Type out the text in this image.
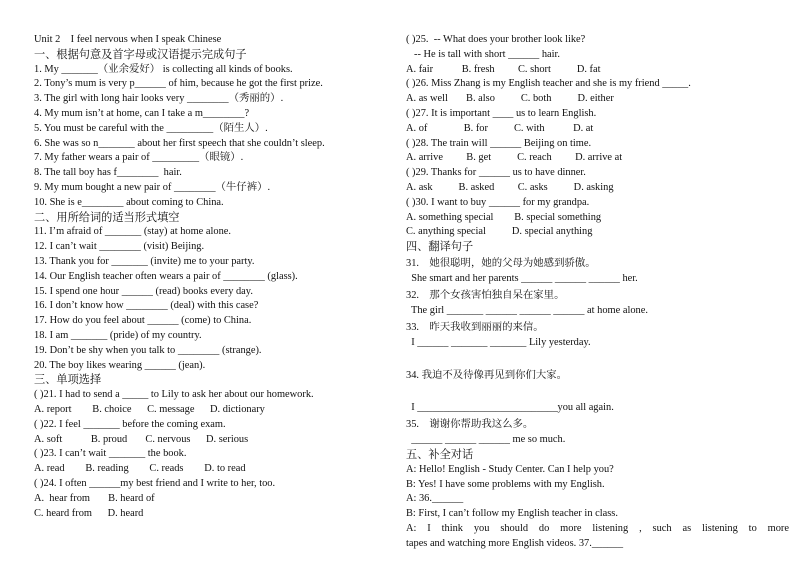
Unit 2    I feel nervous when I speak Chinese
一、根据句意及首字母或汉语提示完成句子
1. My _______（业余爱好） is collecting all kinds of books.
2. Tony’s mum is very p______ of him, because he got the first prize.
3. The girl with long hair looks very ________（秀丽的）.
4. My mum isn’t at home, can I take a m________?
5. You must be careful with the _________（陌生人）.
6. She was so n_______ about her first speech that she couldn’t sleep.
7. My father wears a pair of _________（眼镜）.
8. The tall boy has f________  hair.
9. My mum bought a new pair of ________（牛仔裤）.
10. She is e________ about coming to China.
二、用所给词的适当形式填空
11. I’m afraid of _______ (stay) at home alone.
12. I can’t wait ________ (visit) Beijing.
13. Thank you for _______ (invite) me to your party.
14. Our English teacher often wears a pair of ________ (glass).
15. I spend one hour ______ (read) books every day.
16. I don’t know how ________ (deal) with this case?
17. How do you feel about ______ (come) to China.
18. I am _______ (pride) of my country.
19. Don’t be shy when you talk to ________ (strange).
20. The boy likes wearing ______ (jean).
三、单项选择
( )21. I had to send a _____ to Lily to ask her about our homework.
A. report        B. choice      C. message      D. dictionary
( )22. I feel _______ before the coming exam.
A. soft           B. proud       C. nervous      D. serious
( )23. I can’t wait _______ the book.
A. read        B. reading        C. reads        D. to read
( )24. I often ______my best friend and I write to her, too.
A.  hear from       B. heard of
C. heard from      D. heard
( )25.  -- What does your brother look like?
-- He is tall with short ______ hair.
A. fair           B. fresh         C. short          D. fat
( )26. Miss Zhang is my English teacher and she is my friend _____.
A. as well       B. also          C. both          D. either
( )27. It is important ____ us to learn English.
A. of              B. for          C. with           D. at
( )28. The train will ______ Beijing on time.
A. arrive         B. get          C. reach         D. arrive at
( )29. Thanks for ______ us to have dinner.
A. ask          B. asked         C. asks          D. asking
( )30. I want to buy ______ for my grandpa.
A. something special        B. special something
C. anything special          D. special anything
四、翻译句子
31.    她很聪明，她的父母为她感到骄傲。
She smart and her parents ______ ______ ______ her.
32.    那个女孩害怕独自呆在家里。
The girl _______ ______ ______ ______ at home alone.
33.    昨天我收到丽丽的来信。
I ______ _______ _______ Lily yesterday.
34. 我迫不及待像再见到你们大家。
I ___________________________you all again.
35.    谢谢你帮助我这么多。
______ ______ ______ me so much.
五、补全对话
A: Hello! English - Study Center. Can I help you?
B: Yes! I have some problems with my English.
A: 36.______
B: First, I can’t follow my English teacher in class.
A: I think you should do more listening , such as listening to more
tapes and watching more English videos. 37.______
